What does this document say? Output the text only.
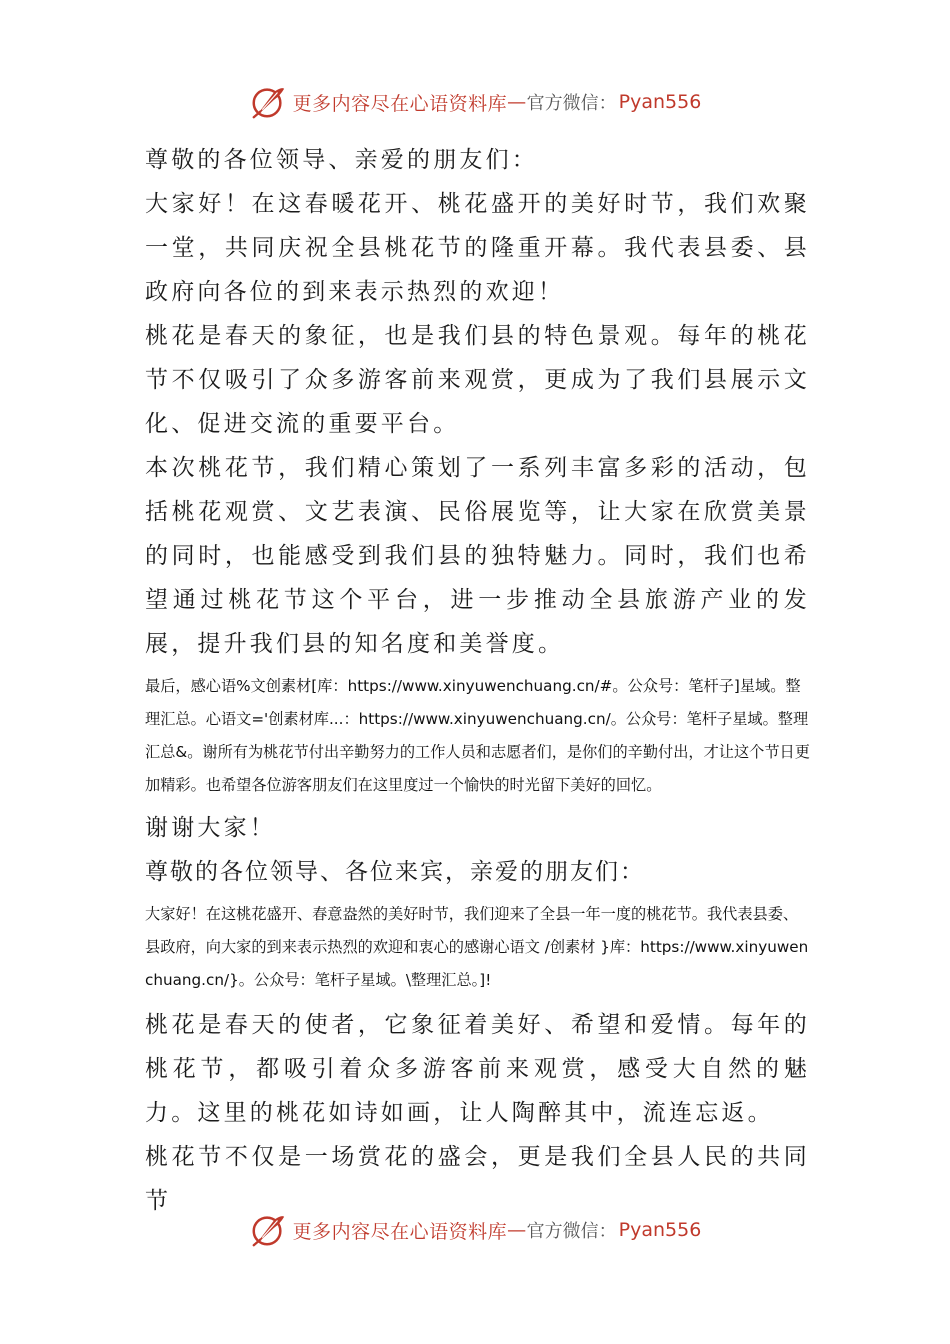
更多内容尽在心语资料库 — 官方微信： Pyan556

尊敬的各位领导、亲爱的朋友们：

大家好！在这春暖花开、桃花盛开的美好时节，我们欢聚一堂，共同庆祝全县桃花节的隆重开幕。我代表县委、县政府向各位的到来表示热烈的欢迎！

桃花是春天的象征，也是我们县的特色景观。每年的桃花节不仅吸引了众多游客前来观赏，更成为了我们县展示文化、促进交流的重要平台。

本次桃花节，我们精心策划了一系列丰富多彩的活动，包括桃花观赏、文艺表演、民俗展览等，让大家在欣赏美景的同时，也能感受到我们县的独特魅力。同时，我们也希望通过桃花节这个平台，进一步推动全县旅游产业的发展，提升我们县的知名度和美誉度。

最后，感心语%文创素材[库：https://www.xinyuwenchuang.cn/#。公众号：笔杆子]星域。整理汇总。心语文='创素材库...：https://www.xinyuwenchuang.cn/。公众号：笔杆子星域。整理汇总&。谢所有为桃花节付出辛勤努力的工作人员和志愿者们，是你们的辛勤付出，才让这个节日更加精彩。也希望各位游客朋友们在这里度过一个愉快的时光留下美好的回忆。

谢谢大家！

尊敬的各位领导、各位来宾，亲爱的朋友们：

大家好！在这桃花盛开、春意盎然的美好时节，我们迎来了全县一年一度的桃花节。我代表县委、县政府，向大家的到来表示热烈的欢迎和衷心的感谢心语文 /创素材 }库：https://www.xinyuwenchuang.cn/}。公众号：笔杆子星域。\整理汇总。]!

桃花是春天的使者，它象征着美好、希望和爱情。每年的桃花节，都吸引着众多游客前来观赏，感受大自然的魅力。这里的桃花如诗如画，让人陶醉其中，流连忘返。

桃花节不仅是一场赏花的盛会，更是我们全县人民的共同节

更多内容尽在心语资料库 — 官方微信： Pyan556
